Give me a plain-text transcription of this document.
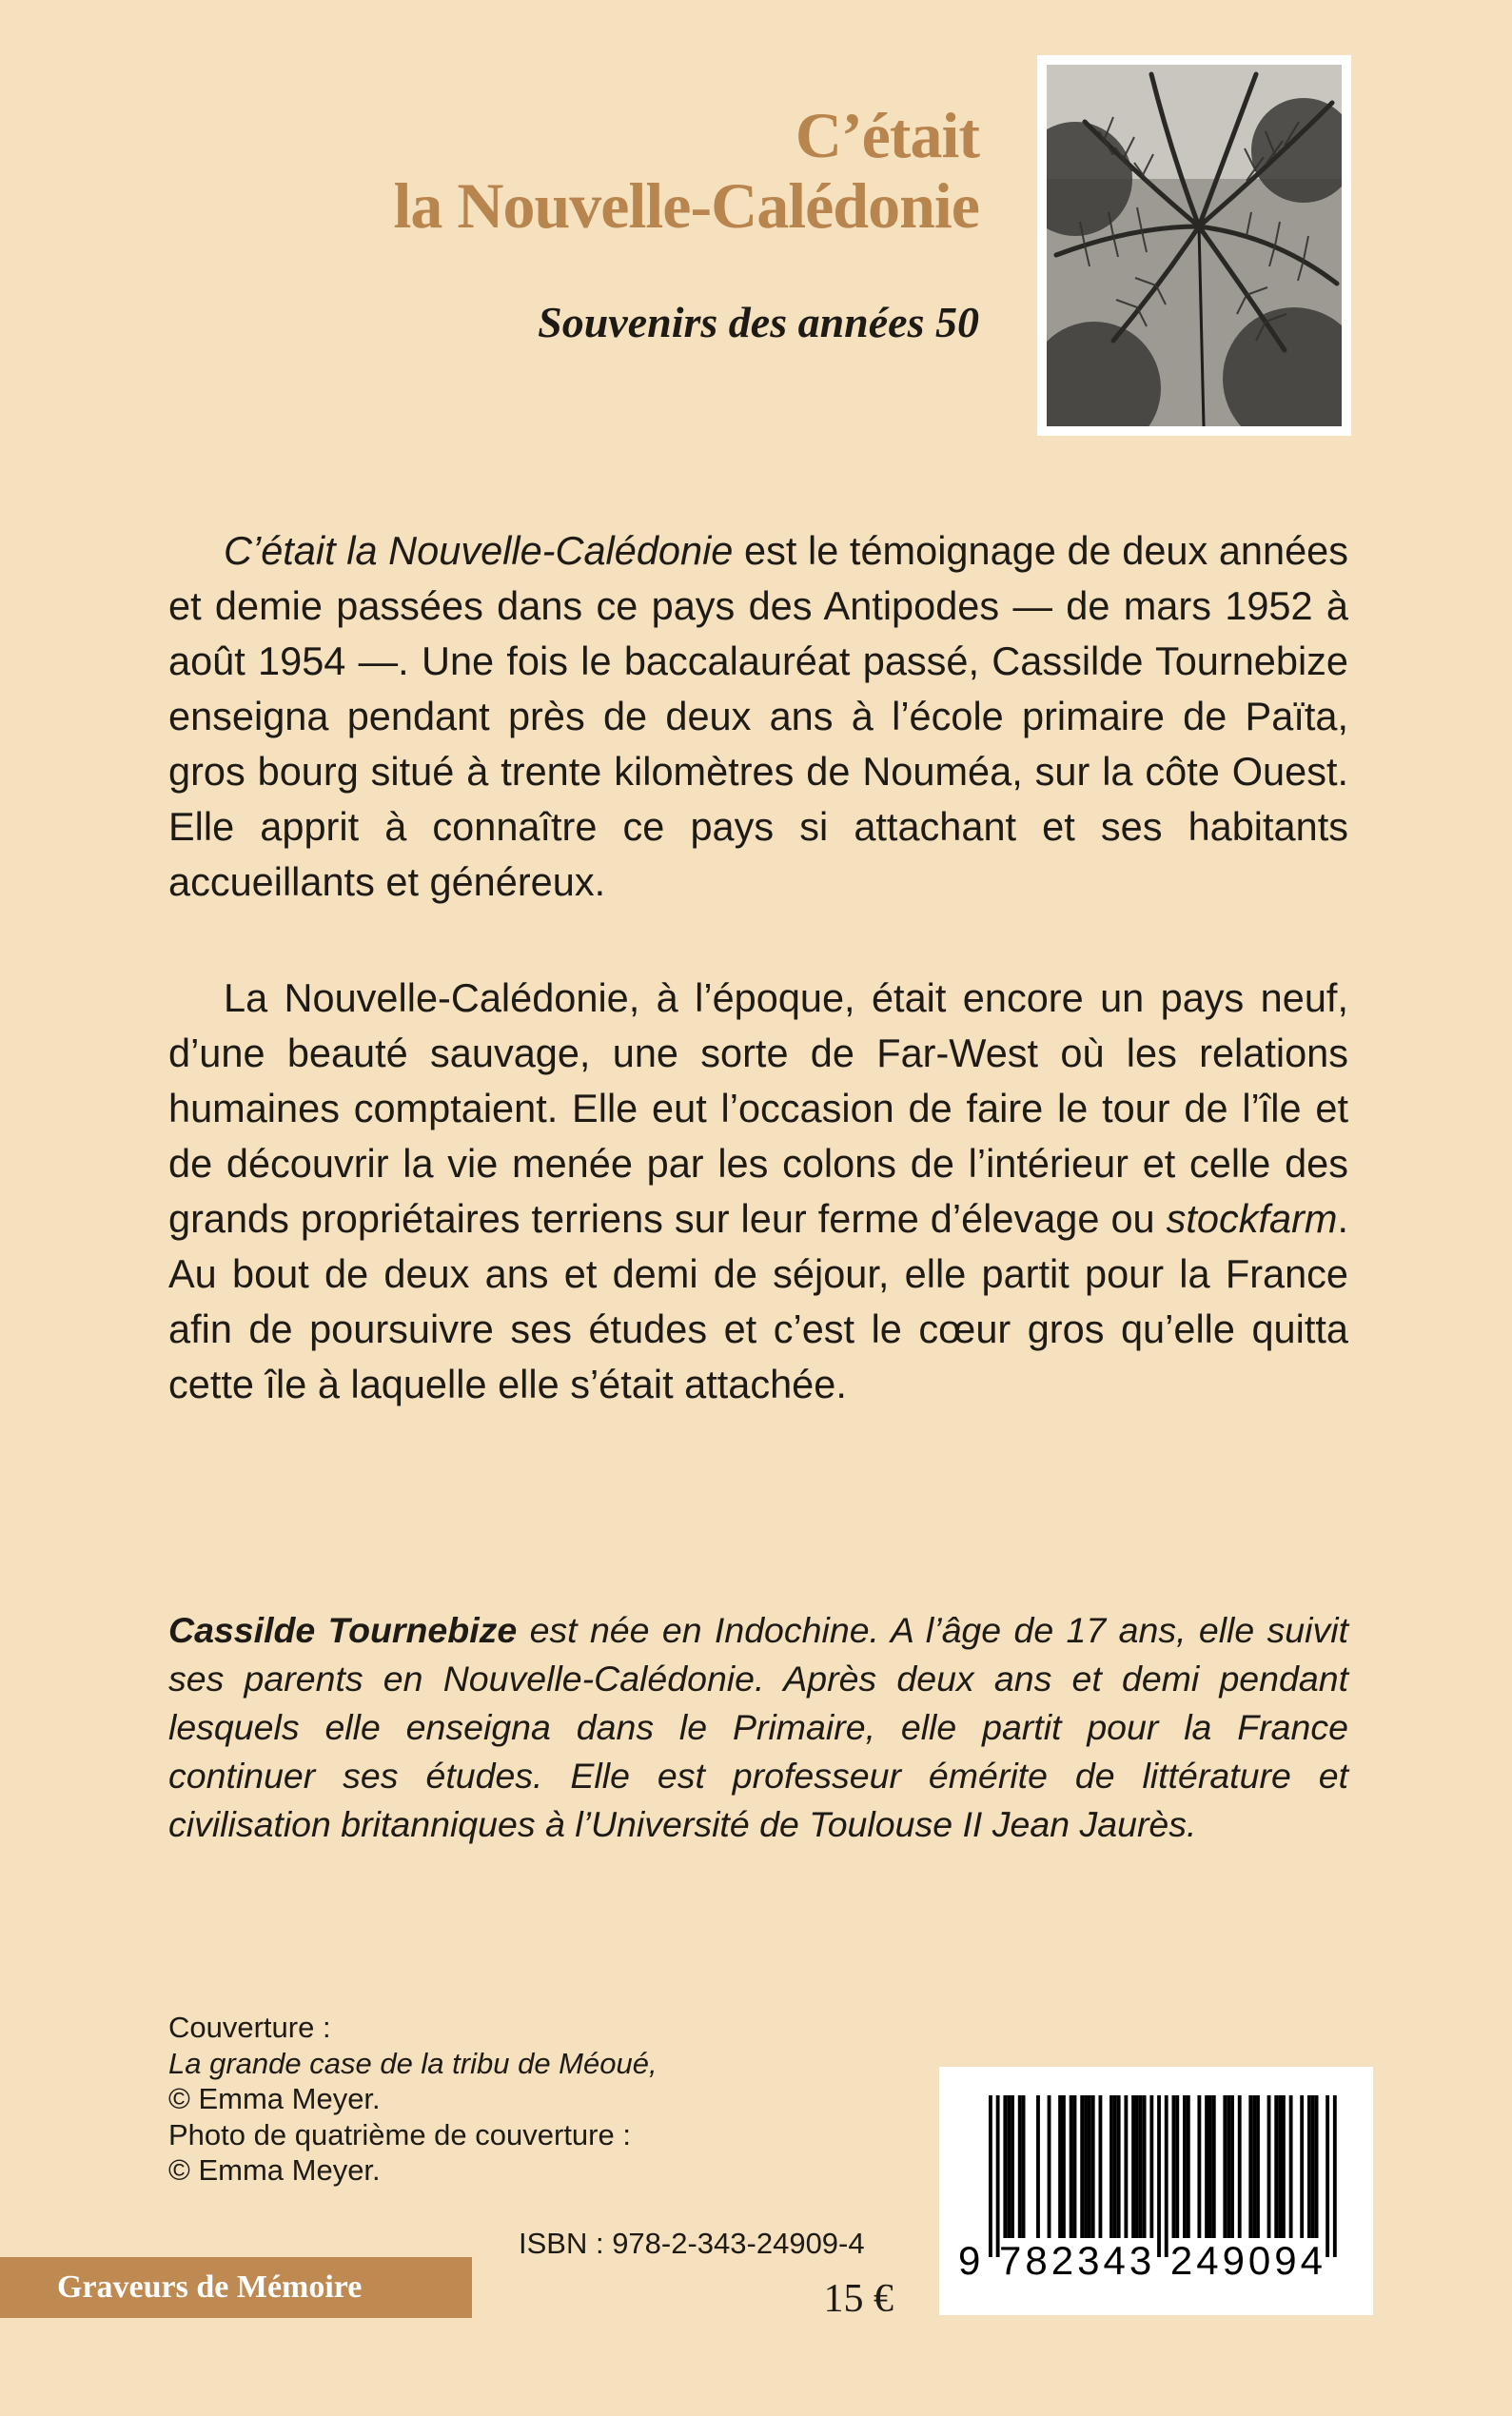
C’était
la Nouvelle-Calédonie
Souvenirs des années 50

C’était la Nouvelle-Calédonie est le témoignage de deux années et demie passées dans ce pays des Antipodes — de mars 1952 à août 1954 —. Une fois le baccalauréat passé, Cassilde Tournebize enseigna pendant près de deux ans à l’école primaire de Païta, gros bourg situé à trente kilomètres de Nouméa, sur la côte Ouest. Elle apprit à connaître ce pays si attachant et ses habitants accueillants et généreux.

La Nouvelle-Calédonie, à l’époque, était encore un pays neuf, d’une beauté sauvage, une sorte de Far-West où les relations humaines comptaient. Elle eut l’occasion de faire le tour de l’île et de découvrir la vie menée par les colons de l’intérieur et celle des grands propriétaires terriens sur leur ferme d’élevage ou stockfarm. Au bout de deux ans et demi de séjour, elle partit pour la France afin de poursuivre ses études et c’est le cœur gros qu’elle quitta cette île à laquelle elle s’était attachée.

Cassilde Tournebize est née en Indochine. A l’âge de 17 ans, elle suivit ses parents en Nouvelle-Calédonie. Après deux ans et demi pendant lesquels elle enseigna dans le Primaire, elle partit pour la France continuer ses études. Elle est professeur émérite de littérature et civilisation britanniques à l’Université de Toulouse II Jean Jaurès.
Couverture :
La grande case de la tribu de Méoué,
© Emma Meyer.
Photo de quatrième de couverture :
© Emma Meyer.
Graveurs de Mémoire
ISBN : 978-2-343-24909-4
15 €
9 782343 249094
